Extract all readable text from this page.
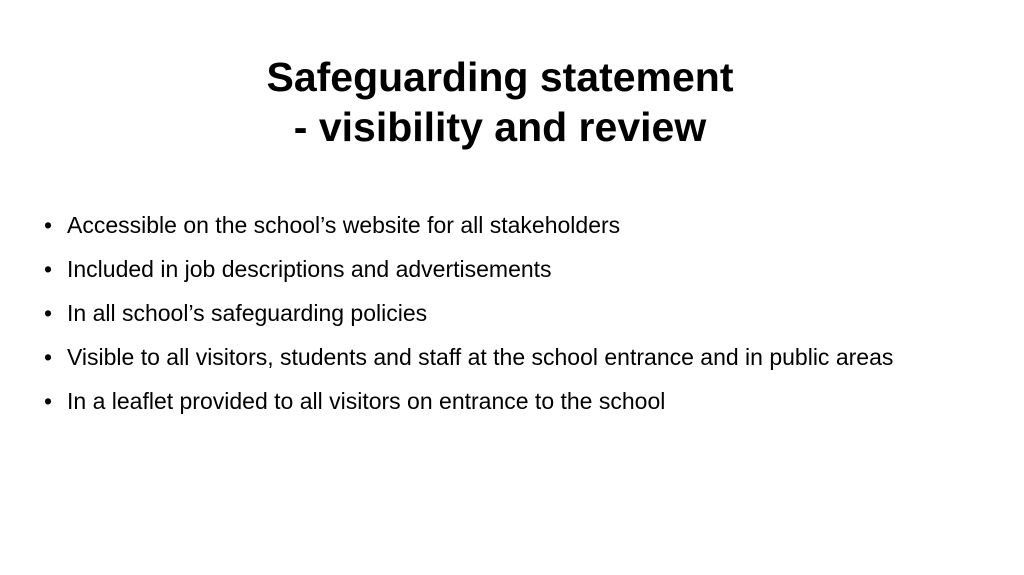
Safeguarding statement
- visibility and review
• Accessible on the school’s website for all stakeholders
• Included in job descriptions and advertisements
• In all school’s safeguarding policies
• Visible to all visitors, students and staff at the school entrance and in public areas
• In a leaflet provided to all visitors on entrance to the school
